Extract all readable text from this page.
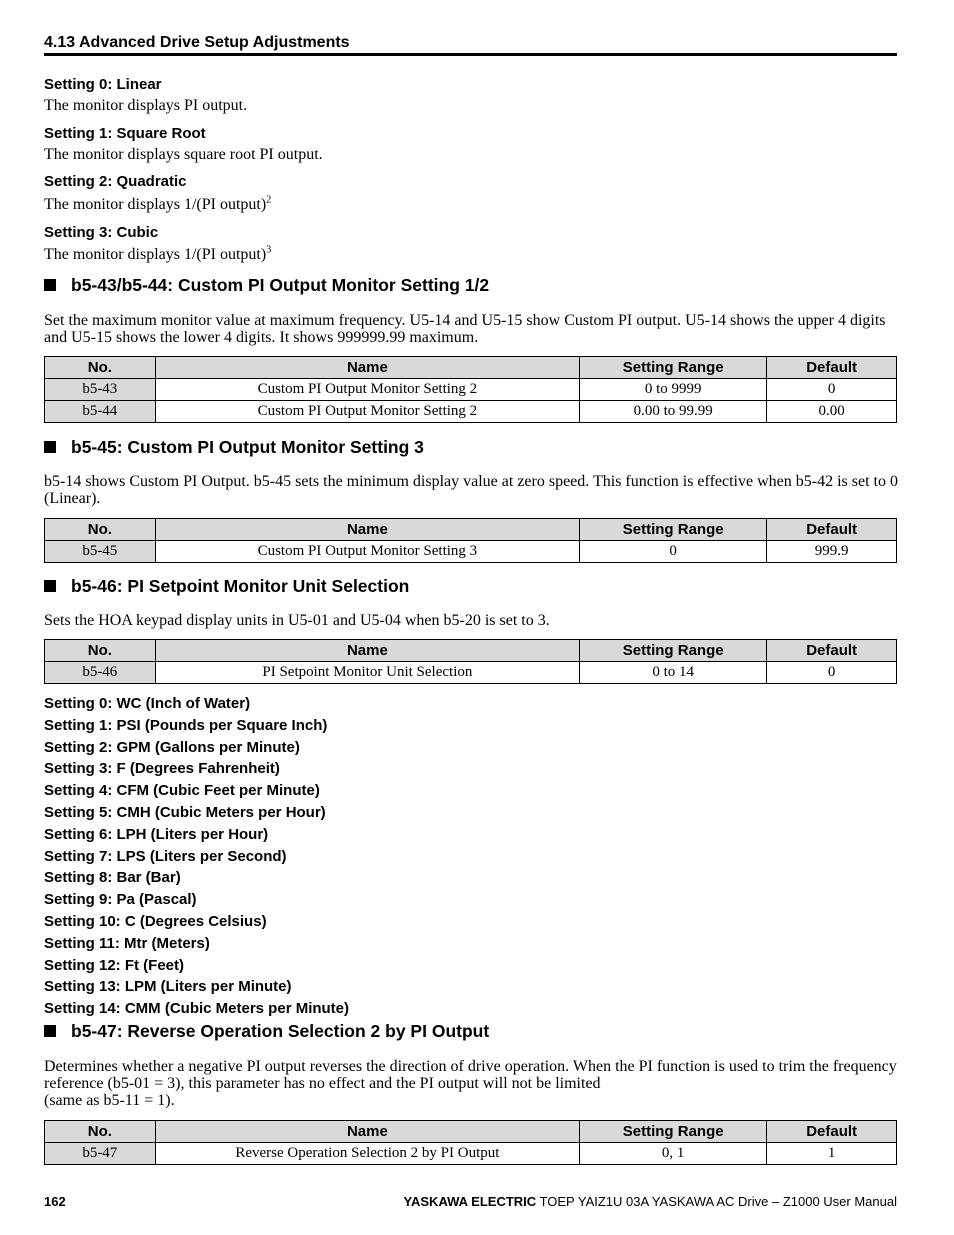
4.13 Advanced Drive Setup Adjustments
Setting 0: Linear
The monitor displays PI output.
Setting 1: Square Root
The monitor displays square root PI output.
Setting 2: Quadratic
The monitor displays 1/(PI output)$^2$
Setting 3: Cubic
The monitor displays 1/(PI output)$^3$
b5-43/b5-44: Custom PI Output Monitor Setting 1/2
Set the maximum monitor value at maximum frequency. U5-14 and U5-15 show Custom PI output. U5-14 shows the upper 4 digits and U5-15 shows the lower 4 digits. It shows 999999.99 maximum.
No.	Name	Setting Range	Default
b5-43	Custom PI Output Monitor Setting 2	0 to 9999	0
b5-44	Custom PI Output Monitor Setting 2	0.00 to 99.99	0.00
b5-45: Custom PI Output Monitor Setting 3
b5-14 shows Custom PI Output. b5-45 sets the minimum display value at zero speed. This function is effective when b5-42 is set to 0 (Linear).
No.	Name	Setting Range	Default
b5-45	Custom PI Output Monitor Setting 3	0	999.9
b5-46: PI Setpoint Monitor Unit Selection
Sets the HOA keypad display units in U5-01 and U5-04 when b5-20 is set to 3.
No.	Name	Setting Range	Default
b5-46	PI Setpoint Monitor Unit Selection	0 to 14	0
Setting 0: WC (Inch of Water)
Setting 1: PSI (Pounds per Square Inch)
Setting 2: GPM (Gallons per Minute)
Setting 3: F (Degrees Fahrenheit)
Setting 4: CFM (Cubic Feet per Minute)
Setting 5: CMH (Cubic Meters per Hour)
Setting 6: LPH (Liters per Hour)
Setting 7: LPS (Liters per Second)
Setting 8: Bar (Bar)
Setting 9: Pa (Pascal)
Setting 10: C (Degrees Celsius)
Setting 11: Mtr (Meters)
Setting 12: Ft (Feet)
Setting 13: LPM (Liters per Minute)
Setting 14: CMM (Cubic Meters per Minute)
b5-47: Reverse Operation Selection 2 by PI Output
Determines whether a negative PI output reverses the direction of drive operation. When the PI function is used to trim the frequency reference (b5-01 = 3), this parameter has no effect and the PI output will not be limited
(same as b5-11 = 1).
No.	Name	Setting Range	Default
b5-47	Reverse Operation Selection 2 by PI Output	0, 1	1
162	YASKAWA ELECTRIC TOEP YAIZ1U 03A YASKAWA AC Drive – Z1000 User Manual
